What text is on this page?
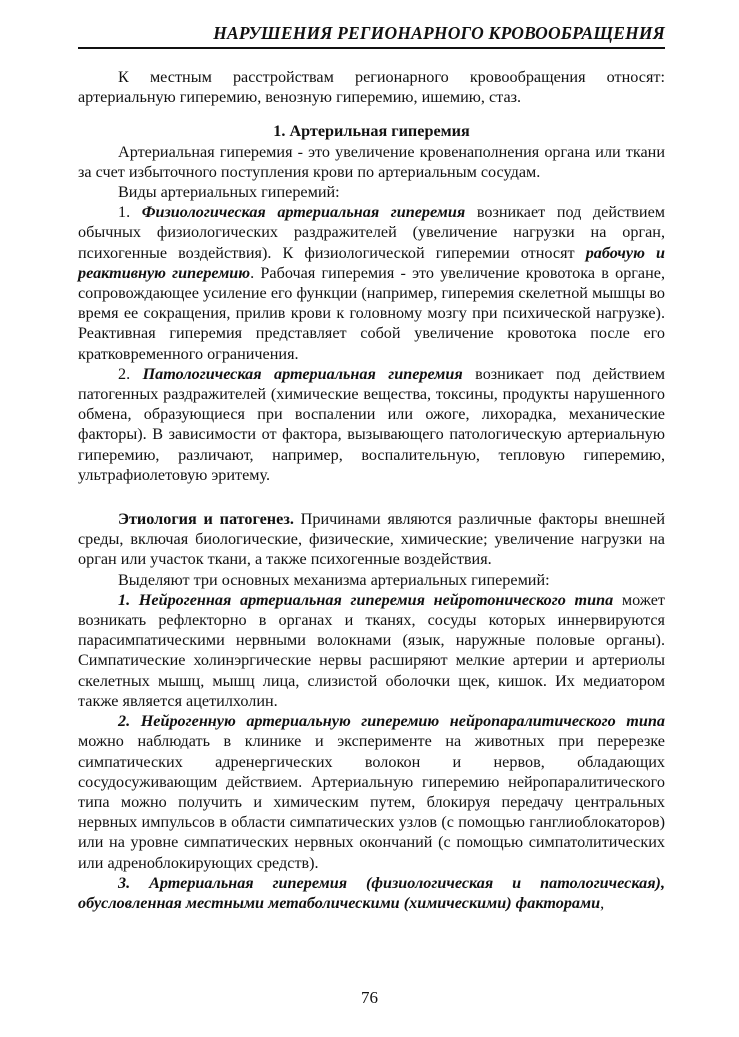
НАРУШЕНИЯ РЕГИОНАРНОГО КРОВООБРАЩЕНИЯ

К местным расстройствам регионарного кровообращения относят: артериальную гиперемию, венозную гиперемию, ишемию, стаз.

1. Артерильная гиперемия

Артериальная гиперемия - это увеличение кровенаполнения органа или ткани за счет избыточного поступления крови по артериальным сосудам.

Виды артериальных гиперемий:

1. Физиологическая артериальная гиперемия возникает под действием обычных физиологических раздражителей (увеличение нагрузки на орган, психогенные воздействия). К физиологической гиперемии относят рабочую и реактивную гиперемию. Рабочая гиперемия - это увеличение кровотока в органе, сопровождающее усиление его функции (например, гиперемия скелетной мышцы во время ее сокращения, прилив крови к головному мозгу при психической нагрузке). Реактивная гиперемия представляет собой увеличение кровотока после его кратковременного ограничения.

2. Патологическая артериальная гиперемия возникает под действием патогенных раздражителей (химические вещества, токсины, продукты нарушенного обмена, образующиеся при воспалении или ожоге, лихорадка, механические факторы). В зависимости от фактора, вызывающего патологическую артериальную гиперемию, различают, например, воспалительную, тепловую гиперемию, ультрафиолетовую эритему.

Этиология и патогенез. Причинами являются различные факторы внешней среды, включая биологические, физические, химические; увеличение нагрузки на орган или участок ткани, а также психогенные воздействия.

Выделяют три основных механизма артериальных гиперемий:

1. Нейрогенная артериальная гиперемия нейротонического типа может возникать рефлекторно в органах и тканях, сосуды которых иннервируются парасимпатическими нервными волокнами (язык, наружные половые органы). Симпатические холинэргические нервы расширяют мелкие артерии и артериолы скелетных мышц, мышц лица, слизистой оболочки щек, кишок. Их медиатором также является ацетилхолин.

2. Нейрогенную артериальную гиперемию нейропаралитического типа можно наблюдать в клинике и эксперименте на животных при перерезке симпатических адренергических волокон и нервов, обладающих сосудосуживающим действием. Артериальную гиперемию нейропаралитического типа можно получить и химическим путем, блокируя передачу центральных нервных импульсов в области симпатических узлов (с помощью ганглиоблокаторов) или на уровне симпатических нервных окончаний (с помощью симпатолитических или адреноблокирующих средств).

3. Артериальная гиперемия (физиологическая и патологическая), обусловленная местными метаболическими (химическими) факторами,

76
